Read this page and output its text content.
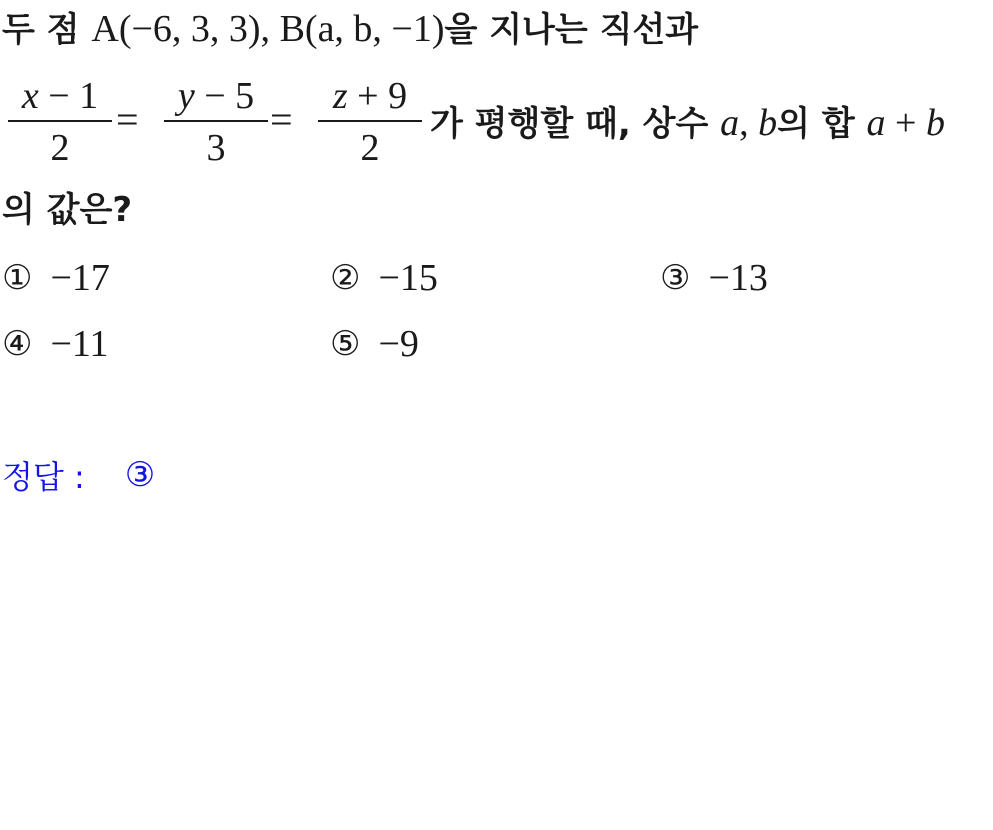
두 점 A(−6, 3, 3), B(a, b, −1)을 지나는 직선과
x − 1
2
=
y − 5
3
=
z + 9
2
가 평행할 때, 상수 a, b의 합 a + b
의 값은?
① −17	② −15	③ −13
④ −11	⑤ −9
정답 : ③
